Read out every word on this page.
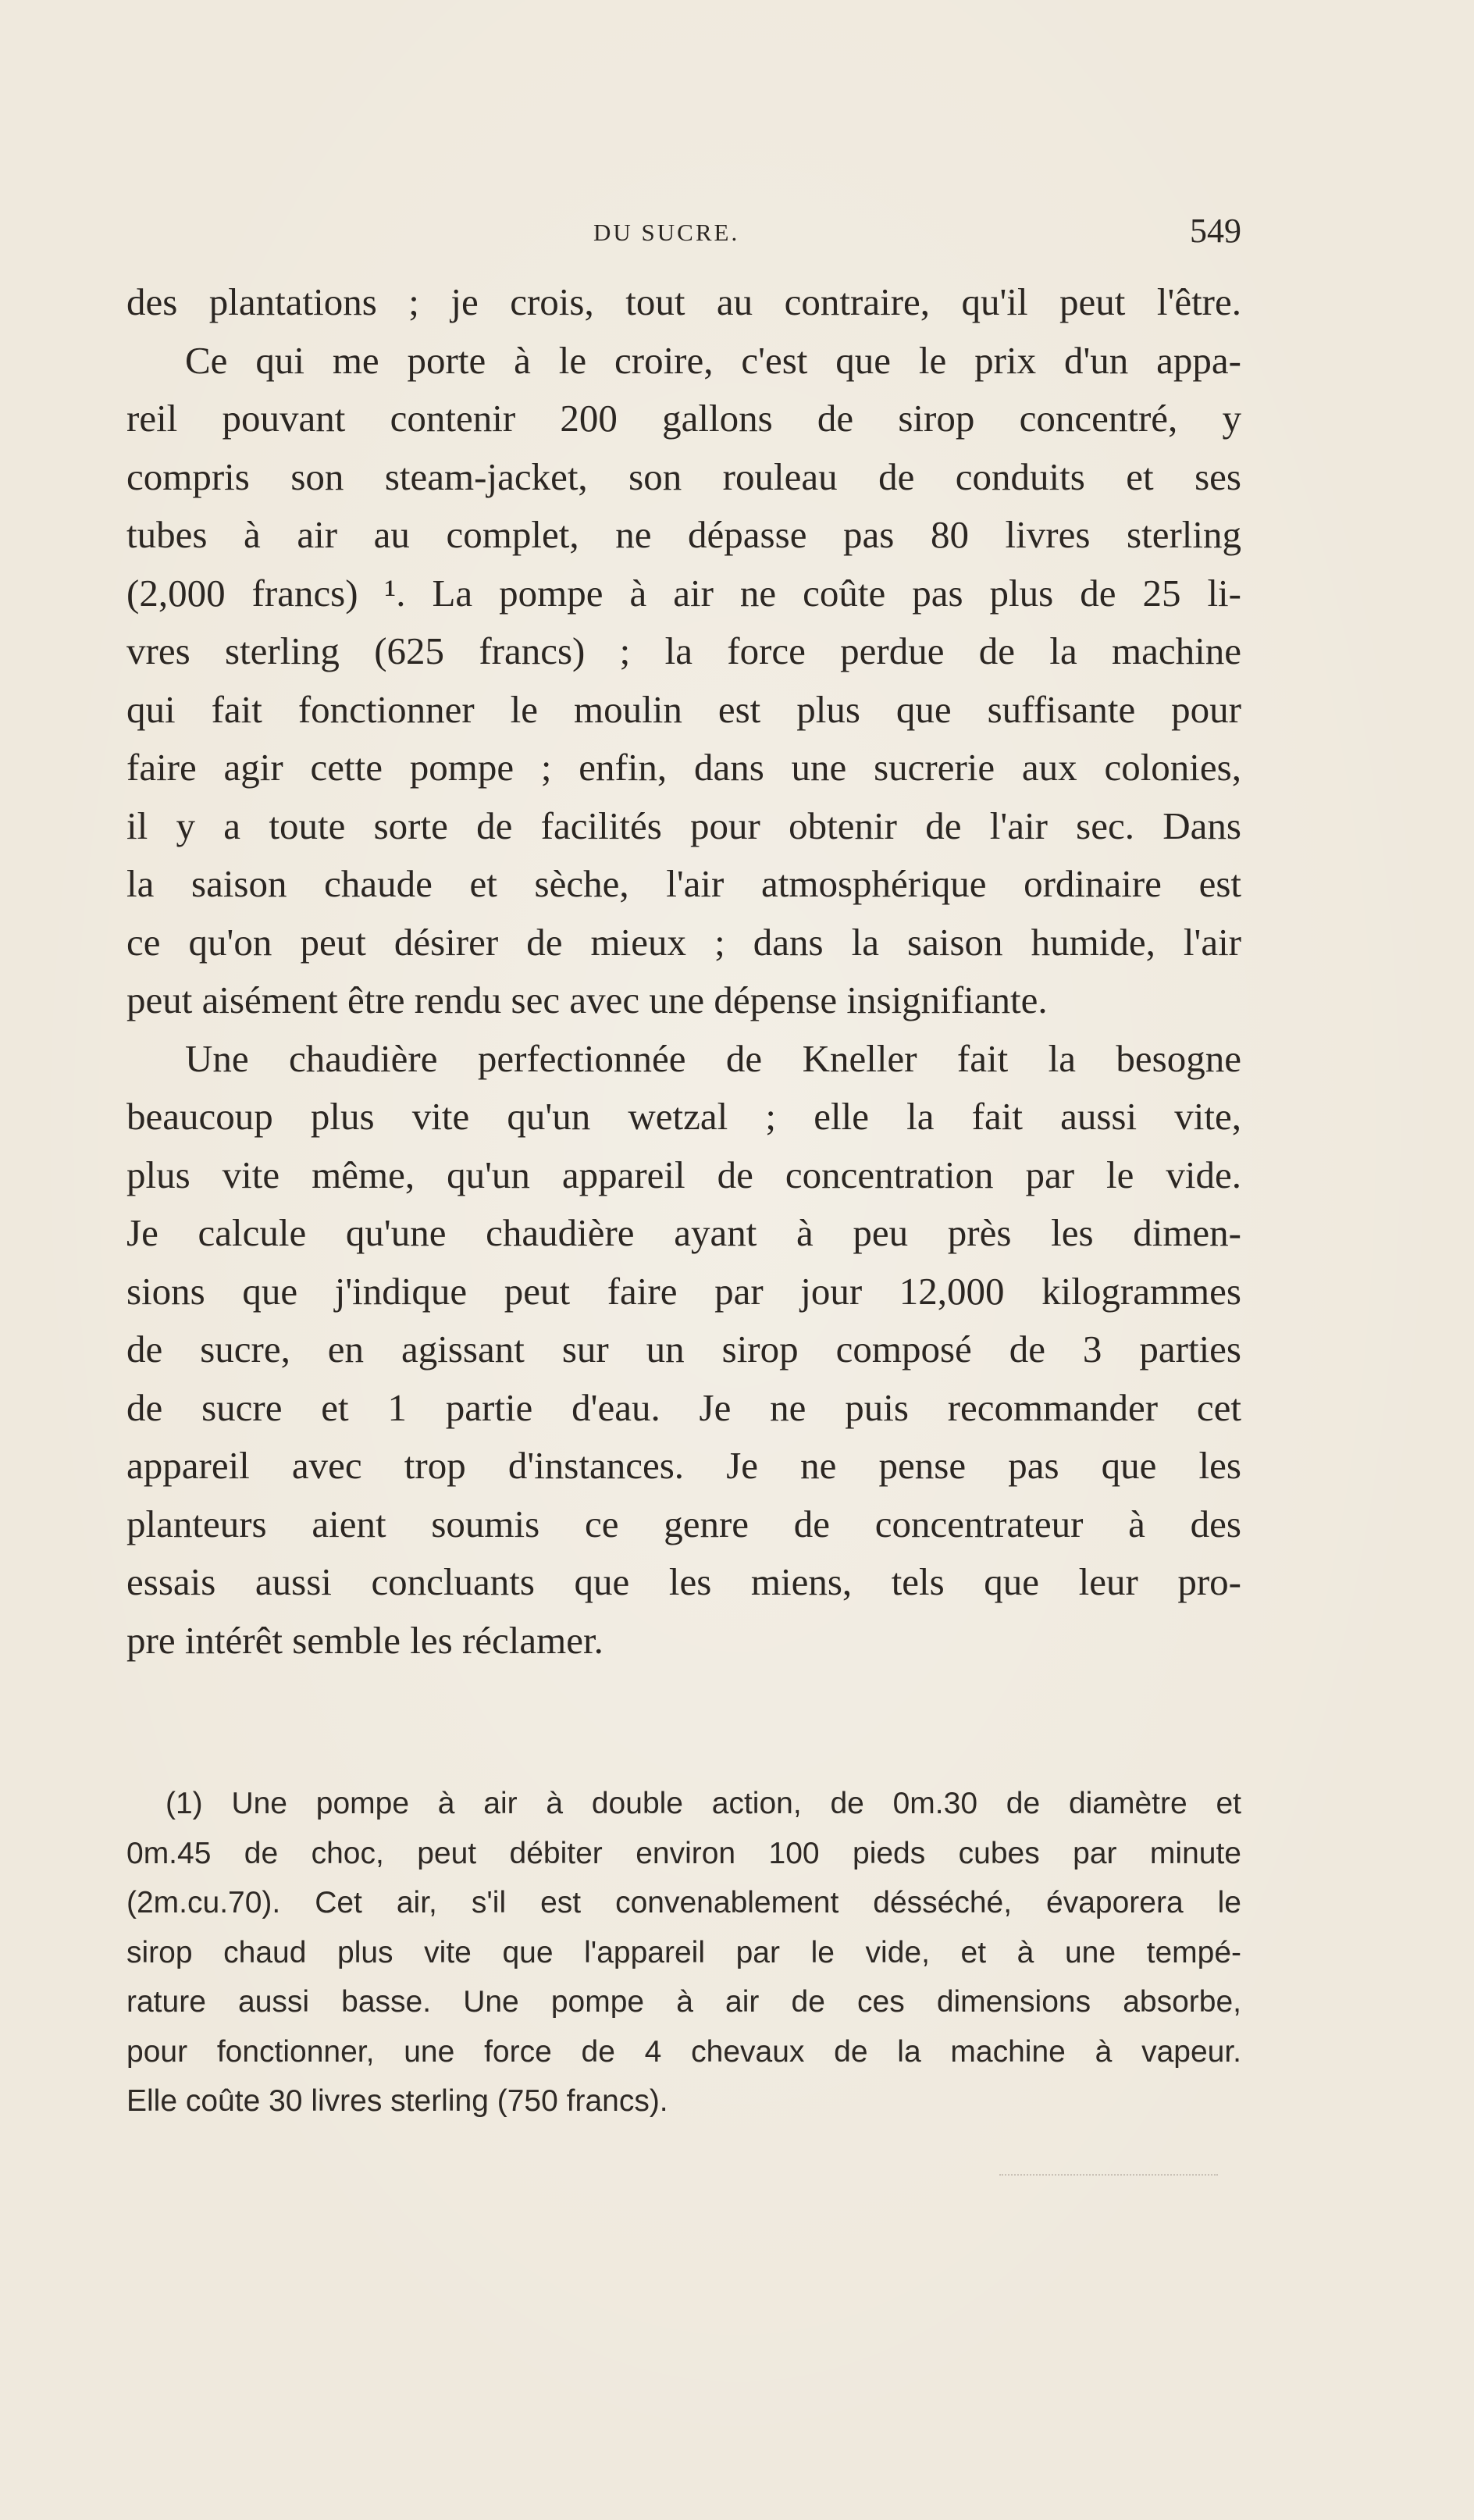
DU SUCRE.	549
des plantations ; je crois, tout au contraire, qu'il peut l'être.
Ce qui me porte à le croire, c'est que le prix d'un appa-
reil pouvant contenir 200 gallons de sirop concentré, y
compris son steam-jacket, son rouleau de conduits et ses
tubes à air au complet, ne dépasse pas 80 livres sterling
(2,000 francs) ¹. La pompe à air ne coûte pas plus de 25 li-
vres sterling (625 francs) ; la force perdue de la machine
qui fait fonctionner le moulin est plus que suffisante pour
faire agir cette pompe ; enfin, dans une sucrerie aux colonies,
il y a toute sorte de facilités pour obtenir de l'air sec. Dans
la saison chaude et sèche, l'air atmosphérique ordinaire est
ce qu'on peut désirer de mieux ; dans la saison humide, l'air
peut aisément être rendu sec avec une dépense insignifiante.
Une chaudière perfectionnée de Kneller fait la besogne
beaucoup plus vite qu'un wetzal ; elle la fait aussi vite,
plus vite même, qu'un appareil de concentration par le vide.
Je calcule qu'une chaudière ayant à peu près les dimen-
sions que j'indique peut faire par jour 12,000 kilogrammes
de sucre, en agissant sur un sirop composé de 3 parties
de sucre et 1 partie d'eau. Je ne puis recommander cet
appareil avec trop d'instances. Je ne pense pas que les
planteurs aient soumis ce genre de concentrateur à des
essais aussi concluants que les miens, tels que leur pro-
pre intérêt semble les réclamer.
(1) Une pompe à air à double action, de 0m.30 de diamètre et
0m.45 de choc, peut débiter environ 100 pieds cubes par minute
(2m.cu.70). Cet air, s'il est convenablement désséché, évaporera le
sirop chaud plus vite que l'appareil par le vide, et à une tempé-
rature aussi basse. Une pompe à air de ces dimensions absorbe,
pour fonctionner, une force de 4 chevaux de la machine à vapeur.
Elle coûte 30 livres sterling (750 francs).
